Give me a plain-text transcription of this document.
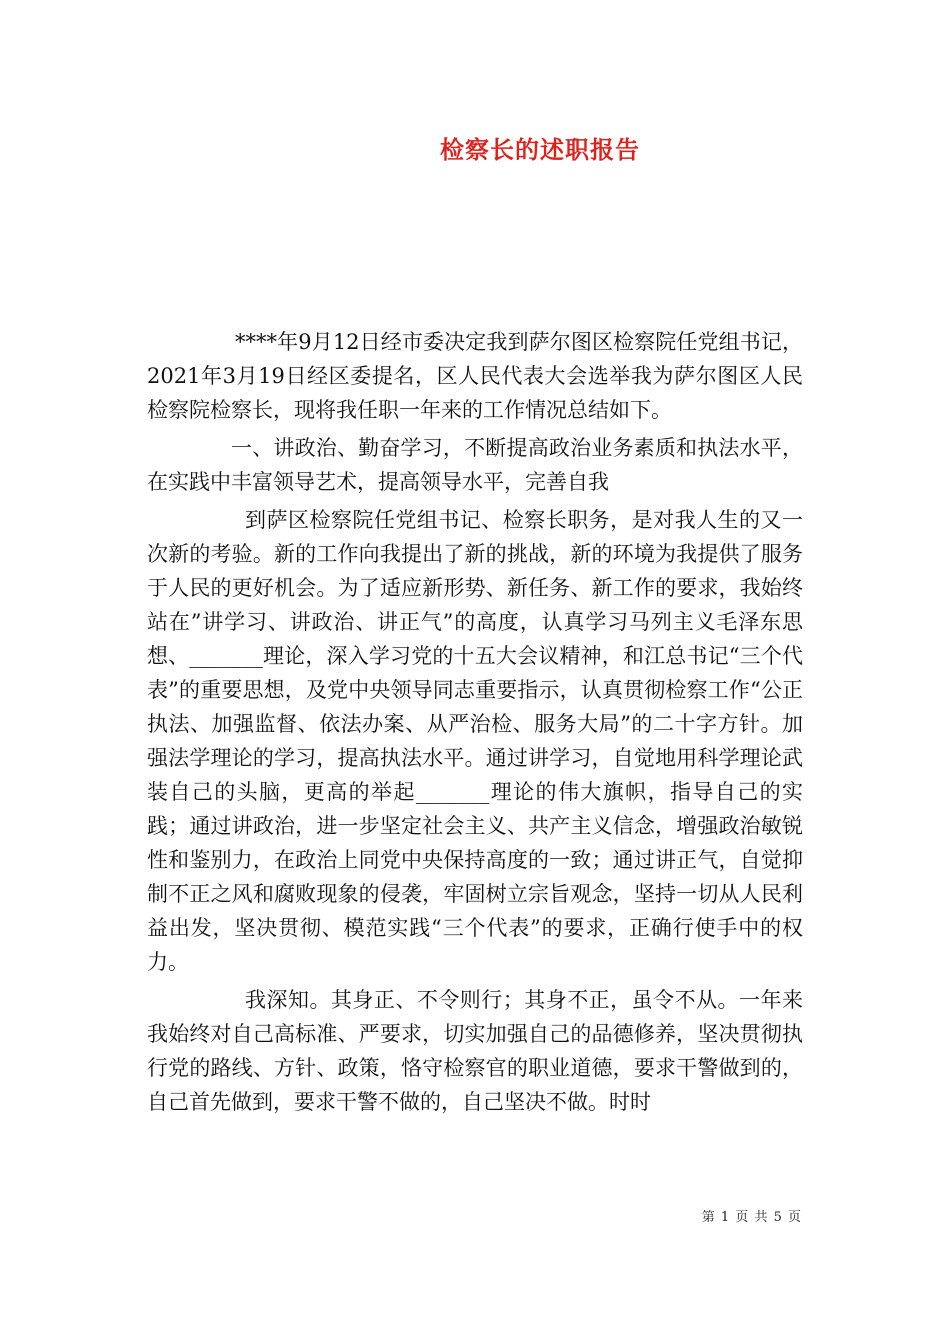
检察长的述职报告

****年9月12日经市委决定我到萨尔图区检察院任党组书记，2021年3月19日经区委提名，区人民代表大会选举我为萨尔图区人民检察院检察长，现将我任职一年来的工作情况总结如下。

一、讲政治、勤奋学习，不断提高政治业务素质和执法水平，在实践中丰富领导艺术，提高领导水平，完善自我

到萨区检察院任党组书记、检察长职务，是对我人生的又一次新的考验。新的工作向我提出了新的挑战，新的环境为我提供了服务于人民的更好机会。为了适应新形势、新任务、新工作的要求，我始终站在”讲学习、讲政治、讲正气”的高度，认真学习马列主义毛泽东思想、_______理论，深入学习党的十五大会议精神，和江总书记“三个代表”的重要思想，及党中央领导同志重要指示，认真贯彻检察工作“公正执法、加强监督、依法办案、从严治检、服务大局”的二十字方针。加强法学理论的学习，提高执法水平。通过讲学习，自觉地用科学理论武装自己的头脑，更高的举起_______理论的伟大旗帜，指导自己的实践；通过讲政治，进一步坚定社会主义、共产主义信念，增强政治敏锐性和鉴别力，在政治上同党中央保持高度的一致；通过讲正气，自觉抑制不正之风和腐败现象的侵袭，牢固树立宗旨观念，坚持一切从人民利益出发，坚决贯彻、模范实践“三个代表”的要求，正确行使手中的权力。

我深知。其身正、不令则行；其身不正，虽令不从。一年来我始终对自己高标准、严要求，切实加强自己的品德修养，坚决贯彻执行党的路线、方针、政策，恪守检察官的职业道德，要求干警做到的，自己首先做到，要求干警不做的，自己坚决不做。时时

第 1 页 共 5 页
